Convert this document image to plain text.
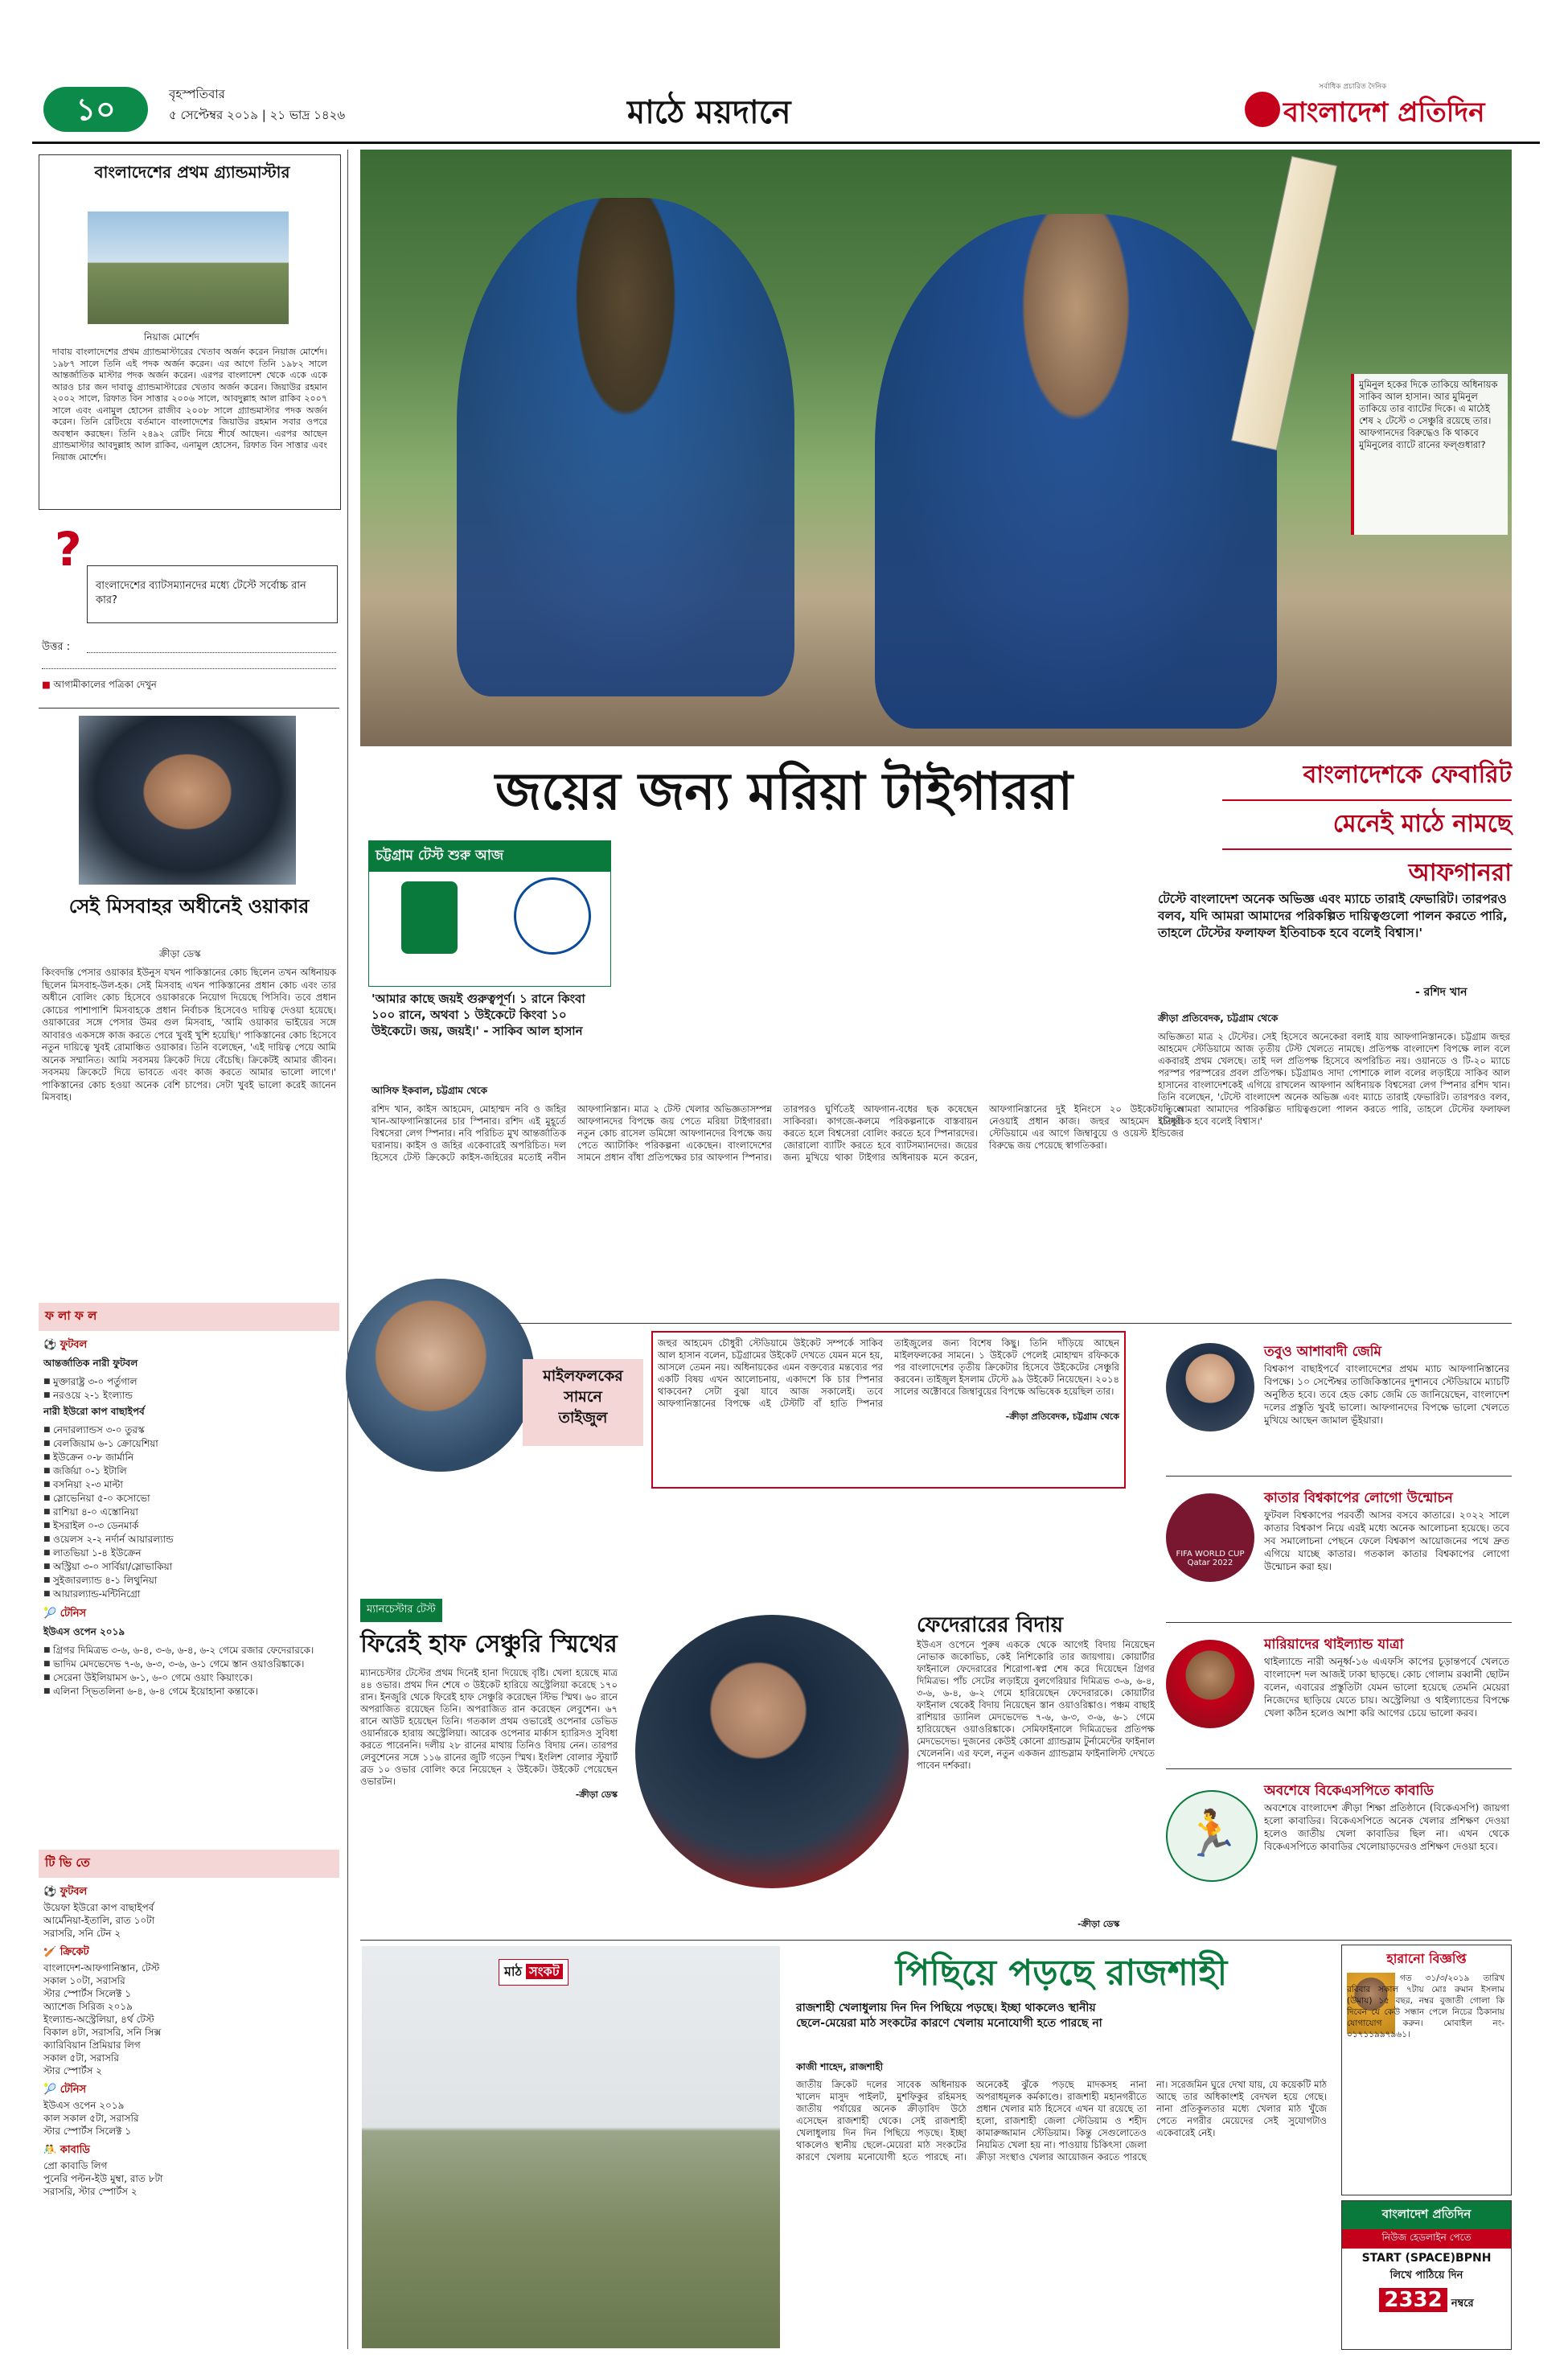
১০	বৃহস্পতিবার
৫ সেপ্টেম্বর ২০১৯ | ২১ ভাদ্র ১৪২৬	মাঠে ময়দানে
সর্বাধিক প্রচারিত দৈনিক
বাংলাদেশ প্রতিদিন
বাংলাদেশের প্রথম গ্র্যান্ডমাস্টার
নিয়াজ মোর্শেদ
দাবায় বাংলাদেশের প্রথম গ্র্যান্ডমাস্টারের খেতাব অর্জন করেন নিয়াজ মোর্শেদ। ১৯৮৭ সালে তিনি এই পদক অর্জন করেন। এর আগে তিনি ১৯৮২ সালে আন্তর্জাতিক মাস্টার পদক অর্জন করেন। এরপর বাংলাদেশ থেকে একে একে আরও চার জন দাবাড়ু গ্র্যান্ডমাস্টারের খেতাব অর্জন করেন। জিয়াউর রহমান ২০০২ সালে, রিফাত বিন সাত্তার ২০০৬ সালে, আবদুল্লাহ আল রাকিব ২০০৭ সালে এবং এনামুল হোসেন রাজীব ২০০৮ সালে গ্র্যান্ডমাস্টার পদক অর্জন করেন। তিনি রেটিংয়ে বর্তমানে বাংলাদেশের জিয়াউর রহমান সবার ওপরে অবস্থান করছেন। তিনি ২৪৯২ রেটিং নিয়ে শীর্ষে আছেন। এরপর আছেন গ্র্যান্ডমাস্টার আবদুল্লাহ আল রাকিব, এনামুল হোসেন, রিফাত বিন সাত্তার এবং নিয়াজ মোর্শেদ।
?
বাংলাদেশের ব্যাটসম্যানদের মধ্যে টেস্টে সর্বোচ্চ রান কার?
উত্তর :
■ আগামীকালের পত্রিকা দেখুন
সেই মিসবাহর অধীনেই ওয়াকার
ক্রীড়া ডেস্ক
কিংবদন্তি পেসার ওয়াকার ইউনুস যখন পাকিস্তানের কোচ ছিলেন তখন অধিনায়ক ছিলেন মিসবাহ-উল-হক। সেই মিসবাহ এখন পাকিস্তানের প্রধান কোচ এবং তার অধীনে বোলিং কোচ হিসেবে ওয়াকারকে নিয়োগ দিয়েছে পিসিবি। তবে প্রধান কোচের পাশাপাশি মিসবাহকে প্রধান নির্বাচক হিসেবেও দায়িত্ব দেওয়া হয়েছে। ওয়াকারের সঙ্গে পেসার উমর গুল মিসবাহ, 'আমি ওয়াকার ভাইয়ের সঙ্গে আবারও একসঙ্গে কাজ করতে পেরে খুবই খুশি হয়েছি।' পাকিস্তানের কোচ হিসেবে নতুন দায়িত্বে খুবই রোমাঞ্চিত ওয়াকার। তিনি বলেছেন, 'এই দায়িত্ব পেয়ে আমি অনেক সম্মানিত। আমি সবসময় ক্রিকেট দিয়ে বেঁচেছি। ক্রিকেটই আমার জীবন। সবসময় ক্রিকেটে দিয়ে ভাবতে এবং কাজ করতে আমার ভালো লাগে।' পাকিস্তানের কোচ হওয়া অনেক বেশি চাপের। সেটা খুবই ভালো করেই জানেন মিসবাহ।
ফ লা ফ ল
⚽ ফুটবল
আন্তর্জাতিক নারী ফুটবল
■ মুক্তারাষ্ট্র ৩-০ পর্তুগাল
■ নরওয়ে ২-১ ইংল্যান্ড
নারী ইউরো কাপ বাছাইপর্ব
■ নেদারল্যান্ডস ৩-০ তুরস্ক
■ বেলজিয়াম ৬-১ ক্রোয়েশিয়া
■ ইউক্রেন ০-৮ জার্মানি
■ জর্জিয়া ০-১ ইটালি
■ বসনিয়া ২-৩ মাল্টা
■ স্লোভেনিয়া ৫-০ কসোভো
■ রাশিয়া ৪-০ এস্তোনিয়া
■ ইসরাইল ০-৩ ডেনমার্ক
■ ওয়েলস ২-২ নর্দার্ন আয়ারল্যান্ড
■ লাতভিয়া ১-৪ ইউক্রেন
■ অস্ট্রিয়া ৩-০ সার্বিয়া/স্লোভাকিয়া
■ সুইজারল্যান্ড ৪-১ লিথুনিয়া
■ আয়ারল্যান্ড-মন্টিনিগ্রো
🎾 টেনিস
ইউএস ওপেন ২০১৯
■ গ্রিগর দিমিত্রভ ৩-৬, ৬-৪, ৩-৬, ৬-৪, ৬-২ গেমে রজার ফেদেরারকে।
■ ভাদিম মেদভেদেভ ৭-৬, ৬-৩, ৩-৬, ৬-১ গেমে স্তান ওয়াওরিঙ্কাকে।
■ সেরেনা উইলিয়ামস ৬-১, ৬-০ গেমে ওয়াং কিয়াংকে।
■ এলিনা স্ভিতলিনা ৬-৪, ৬-৪ গেমে ইয়োহানা কন্তাকে।
টি ভি তে
⚽ ফুটবল
উয়েফা ইউরো কাপ বাছাইপর্ব
আর্মেনিয়া-ইতালি, রাত ১০টা
সরাসরি, সনি টেন ২
🏏 ক্রিকেট
বাংলাদেশ-আফগানিস্তান, টেস্ট
সকাল ১০টা, সরাসরি
স্টার স্পোর্টস সিলেক্ট ১
অ্যাশেজ সিরিজ ২০১৯
ইংল্যান্ড-অস্ট্রেলিয়া, ৪র্থ টেস্ট
বিকাল ৪টা, সরাসরি, সনি সিক্স
ক্যারিবিয়ান প্রিমিয়ার লিগ
সকাল ৫টা, সরাসরি
স্টার স্পোর্টস ২
🎾 টেনিস
ইউএস ওপেন ২০১৯
কাল সকাল ৫টা, সরাসরি
স্টার স্পোর্টস সিলেক্ট ১
🤼 কাবাডি
প্রো কাবাডি লিগ
পুনেরি পল্টন-ইউ মুম্বা, রাত ৮টা
সরাসরি, স্টার স্পোর্টস ২
মুমিনুল হকের দিকে তাকিয়ে অধিনায়ক সাকিব আল হাসান। আর মুমিনুল তাকিয়ে তার ব্যাটের দিকে। এ মাঠেই শেষ ২ টেস্টে ৩ সেঞ্চুরি রয়েছে তার। আফগানদের বিরুদ্ধেও কি থাকবে মুমিনুলের ব্যাটে রানের ফল্গুধারা?
জয়ের জন্য মরিয়া টাইগাররা	বাংলাদেশকে ফেবারিট
মেনেই মাঠে নামছে
আফগানরা
চট্টগ্রাম টেস্ট শুরু আজ
'আমার কাছে জয়ই গুরুত্বপূর্ণ। ১ রানে কিংবা ১০০ রানে, অথবা ১ উইকেটে কিংবা ১০ উইকেটে। জয়, জয়ই।' - সাকিব আল হাসান
আসিফ ইকবাল, চট্টগ্রাম থেকে
রশিদ খান, কাইস আহমেদ, মোহাম্মদ নবি ও জহির খান-আফগানিস্তানের চার স্পিনার। রশিদ এই মুহূর্তে বিশ্বসেরা লেগ স্পিনার। নবি পরিচিত মুখ আন্তর্জাতিক ঘরানায়। কাইস ও জহির একেবারেই অপরিচিত। দল হিসেবে টেস্ট ক্রিকেটে কাইস-জহিরের মতোই নবীন আফগানিস্তান। মাত্র ২ টেস্ট খেলার অভিজ্ঞতাসম্পন্ন আফগানদের বিপক্ষে জয় পেতে মরিয়া টাইগাররা। নতুন কোচ রাসেল ডমিঙ্গো আফগানদের বিপক্ষে জয় পেতে অ্যাটাকিং পরিকল্পনা একেছেন। বাংলাদেশের সামনে প্রধান বাঁধা প্রতিপক্ষের চার আফগান স্পিনার। তারপরও ঘুর্ণিতেই আফগান-বধের ছক কষেছেন সাকিবরা। কাগজে-কলমে পরিকল্পনাকে বাস্তবায়ন করতে হলে বিশ্বসেরা বোলিং করতে হবে স্পিনারদের। জোরালো ব্যাটিং করতে হবে ব্যাটসম্যানদের। জয়ের জন্য মুখিয়ে থাকা টাইগার অধিনায়ক মনে করেন, আফগানিস্তানের দুই ইনিংসে ২০ উইকেট তুলে নেওয়াই প্রধান কাজ। জহুর আহমেদ চৌধুরী স্টেডিয়ামে এর আগে জিম্বাবুয়ে ও ওয়েস্ট ইন্ডিজের বিরুদ্ধে জয় পেয়েছে স্বাগতিকরা।
টেস্টে বাংলাদেশ অনেক অভিজ্ঞ এবং ম্যাচে তারাই ফেভারিট। তারপরও বলব, যদি আমরা আমাদের পরিকল্পিত দায়িত্বগুলো পালন করতে পারি, তাহলে টেস্টের ফলাফল ইতিবাচক হবে বলেই বিশ্বাস।'
- রশিদ খান
ক্রীড়া প্রতিবেদক, চট্টগ্রাম থেকে
অভিজ্ঞতা মাত্র ২ টেস্টের। সেই হিসেবে অনেকেরা বলাই যায় আফগানিস্তানকে। চট্টগ্রাম জহুর আহমেদ স্টেডিয়ামে আজ তৃতীয় টেস্ট খেলতে নামছে। প্রতিপক্ষ বাংলাদেশ বিপক্ষে লাল বলে একবারই প্রথম খেলছে। তাই দল প্রতিপক্ষ হিসেবে অপরিচিত নয়। ওয়ানডে ও টি-২০ ম্যাচে পরস্পর পরস্পরের প্রবল প্রতিপক্ষ। চট্টগ্রামও সাদা পোশাকে লাল বলের লড়াইয়ে সাকিব আল হাসানের বাংলাদেশকেই এগিয়ে রাখলেন আফগান অধিনায়ক বিশ্বসেরা লেগ স্পিনার রশিদ খান। তিনি বলেছেন, 'টেস্টে বাংলাদেশ অনেক অভিজ্ঞ এবং ম্যাচে তারাই ফেভারিট। তারপরও বলব, যদি আমরা আমাদের পরিকল্পিত দায়িত্বগুলো পালন করতে পারি, তাহলে টেস্টের ফলাফল ইতিবাচক হবে বলেই বিশ্বাস।'
মাইলফলকের
সামনে
তাইজুল
জহুর আহমেদ চৌধুরী স্টেডিয়ামে উইকেট সম্পর্কে সাকিব আল হাসান বলেন, চট্টগ্রামের উইকেট দেখতে যেমন মনে হয়, আসলে তেমন নয়। অধিনায়কের এমন বক্তব্যের মন্তব্যের পর একটি বিষয় এখন আলোচনায়, একাদশে কি চার স্পিনার থাকবেন? সেটা বুঝা যাবে আজ সকালেই। তবে আফগানিস্তানের বিপক্ষে এই টেস্টটি বাঁ হাতি স্পিনার তাইজুলের জন্য বিশেষ কিছু। তিনি দাঁড়িয়ে আছেন মাইলফলকের সামনে। ১ উইকেট পেলেই মোহাম্মদ রফিককে পর বাংলাদেশের তৃতীয় ক্রিকেটার হিসেবে উইকেটের সেঞ্চুরি করবেন। তাইজুল ইসলাম টেস্টে ৯৯ উইকেট নিয়েছেন। ২০১৪ সালের অক্টোবরে জিম্বাবুয়ের বিপক্ষে অভিষেক হয়েছিল তার।
-ক্রীড়া প্রতিবেদক, চট্টগ্রাম থেকে
ম্যানচেস্টার টেস্ট
ফিরেই হাফ সেঞ্চুরি স্মিথের
ম্যানচেস্টার টেস্টের প্রথম দিনেই হানা দিয়েছে বৃষ্টি। খেলা হয়েছে মাত্র ৪৪ ওভার। প্রথম দিন শেষে ৩ উইকেট হারিয়ে অস্ট্রেলিয়া করেছে ১৭০ রান। ইনজুরি থেকে ফিরেই হাফ সেঞ্চুরি করেছেন স্টিভ স্মিথ। ৬০ রানে অপরাজিত রয়েছেন তিনি। অপরাজিত রান করেছেন লেবুশেন। ৬৭ রানে আউট হয়েছেন তিনি। গতকাল প্রথম ওভারেই ওপেনার ডেভিড ওয়ার্নারকে হারায় অস্ট্রেলিয়া। আরেক ওপেনার মার্কাস হ্যারিসও সুবিধা করতে পারেননি। দলীয় ২৮ রানের মাথায় তিনিও বিদায় নেন। তারপর লেবুশেনের সঙ্গে ১১৬ রানের জুটি গড়েন স্মিথ। ইংলিশ বোলার স্টুয়ার্ট ব্রড ১০ ওভার বোলিং করে নিয়েছেন ২ উইকেট। উইকেট পেয়েছেন ওভারটন।
-ক্রীড়া ডেস্ক
ফেদেরারের বিদায়
ইউএস ওপেনে পুরুষ এককে থেকে আগেই বিদায় নিয়েছেন নোভাক জকোভিচ, কেই নিশিকোরি তার জায়গায়। কোয়ার্টার ফাইনালে ফেদেরারের শিরোপা-স্বপ্ন শেষ করে দিয়েছেন গ্রিগর দিমিত্রভ। পাঁচ সেটের লড়াইয়ে বুলগেরিয়ার দিমিত্রভ ৩-৬, ৬-৪, ৩-৬, ৬-৪, ৬-২ গেমে হারিয়েছেন ফেদেরারকে। কোয়ার্টার ফাইনাল থেকেই বিদায় নিয়েছেন স্তান ওয়াওরিঙ্কাও। পঞ্চম বাছাই রাশিয়ার ড্যানিল মেদভেদেভ ৭-৬, ৬-৩, ৩-৬, ৬-১ গেমে হারিয়েছেন ওয়াওরিঙ্কাকে। সেমিফাইনালে দিমিত্রভের প্রতিপক্ষ মেদভেদেভ। দুজনের কেউই কোনো গ্র্যান্ডস্লাম টুর্নামেন্টের ফাইনাল খেলেননি। এর ফলে, নতুন একজন গ্র্যান্ডস্লাম ফাইনালিস্ট দেখতে পাবেন দর্শকরা।
-ক্রীড়া ডেস্ক
তবুও আশাবাদী জেমি
বিশ্বকাপ বাছাইপর্বে বাংলাদেশের প্রথম ম্যাচ আফগানিস্তানের বিপক্ষে। ১০ সেপ্টেম্বর তাজিকিস্তানের দুশানবে স্টেডিয়ামে ম্যাচটি অনুষ্ঠিত হবে। তবে হেড কোচ জেমি ডে জানিয়েছেন, বাংলাদেশ দলের প্রস্তুতি খুবই ভালো। আফগানদের বিপক্ষে ভালো খেলতে মুখিয়ে আছেন জামাল ভূঁইয়ারা।
FIFA WORLD CUP Qatar 2022
কাতার বিশ্বকাপের লোগো উন্মোচন
ফুটবল বিশ্বকাপের পরবর্তী আসর বসবে কাতারে। ২০২২ সালে কাতার বিশ্বকাপ নিয়ে এরই মধ্যে অনেক আলোচনা হয়েছে। তবে সব সমালোচনা পেছনে ফেলে বিশ্বকাপ আয়োজনের পথে দ্রুত এগিয়ে যাচ্ছে কাতার। গতকাল কাতার বিশ্বকাপের লোগো উন্মোচন করা হয়।
মারিয়াদের থাইল্যান্ড যাত্রা
থাইল্যান্ডে নারী অনূর্ধ্ব-১৬ এএফসি কাপের চূড়ান্তপর্বে খেলতে বাংলাদেশ দল আজই ঢাকা ছাড়ছে। কোচ গোলাম রব্বানী ছোটন বলেন, এবারের প্রস্তুতিটা যেমন ভালো হয়েছে তেমনি মেয়েরা নিজেদের ছাড়িয়ে যেতে চায়। অস্ট্রেলিয়া ও থাইল্যান্ডের বিপক্ষে খেলা কঠিন হলেও আশা করি আগের চেয়ে ভালো করব।
🏃
অবশেষে বিকেএসপিতে কাবাডি
অবশেষে বাংলাদেশ ক্রীড়া শিক্ষা প্রতিষ্ঠানে (বিকেএসপি) জায়গা হলো কাবাডির। বিকেএসপিতে অনেক খেলার প্রশিক্ষণ দেওয়া হলেও জাতীয় খেলা কাবাডির ছিল না। এখন থেকে বিকেএসপিতে কাবাডির খেলোয়াড়দেরও প্রশিক্ষণ দেওয়া হবে।
মাঠ সংকট	পিছিয়ে পড়ছে রাজশাহী
রাজশাহী খেলাধুলায় দিন দিন পিছিয়ে পড়ছে। ইচ্ছা থাকলেও স্থানীয় ছেলে-মেয়েরা মাঠ সংকটের কারণে খেলায় মনোযোগী হতে পারছে না
কাজী শাহেদ, রাজশাহী
জাতীয় ক্রিকেট দলের সাবেক অধিনায়ক খালেদ মাসুদ পাইলট, মুশফিকুর রহিমসহ জাতীয় পর্যায়ের অনেক ক্রীড়াবিদ উঠে এসেছেন রাজশাহী থেকে। সেই রাজশাহী খেলাধুলায় দিন দিন পিছিয়ে পড়ছে। ইচ্ছা থাকলেও স্থানীয় ছেলে-মেয়েরা মাঠ সংকটের কারণে খেলায় মনোযোগী হতে পারছে না। অনেকেই ঝুঁকে পড়ছে মাদকসহ নানা অপরাধমূলক কর্মকাণ্ডে। রাজশাহী মহানগরীতে প্রধান খেলার মাঠ হিসেবে এখন যা রয়েছে তা হলো, রাজশাহী জেলা স্টেডিয়াম ও শহীদ কামারুজ্জামান স্টেডিয়াম। কিন্তু সেগুলোতেও নিয়মিত খেলা হয় না। পাওয়ায় চিকিৎসা জেলা ক্রীড়া সংস্থাও খেলার আয়োজন করতে পারছে না। সরেজমিন ঘুরে দেখা যায়, যে কয়েকটি মাঠ আছে তার অধিকাংশই বেদখল হয়ে গেছে। নানা প্রতিকূলতার মধ্যে খেলার মাঠ খুঁজে পেতে নগরীর মেয়েদের সেই সুযোগটাও একেবারেই নেই।
হারানো বিজ্ঞপ্তি
গত ৩১/৩/২০১৯ তারিখ রবিবার সকাল ৭টায় মোঃ রুমান ইসলাম (উমায়) ১৫ বছর, নম্বর বুজাতী গোলা কি দিবেন যে কেউ সন্ধান পেলে নিচের ঠিকানায় যোগাযোগ করুন। মোবাইল নং- ০১৭১১৯৯৭৯৬১।
বাংলাদেশ প্রতিদিন
নিউজ হেডলাইন পেতে
START (SPACE)BPNH
লিখে পাঠিয়ে দিন
2332 নম্বরে
